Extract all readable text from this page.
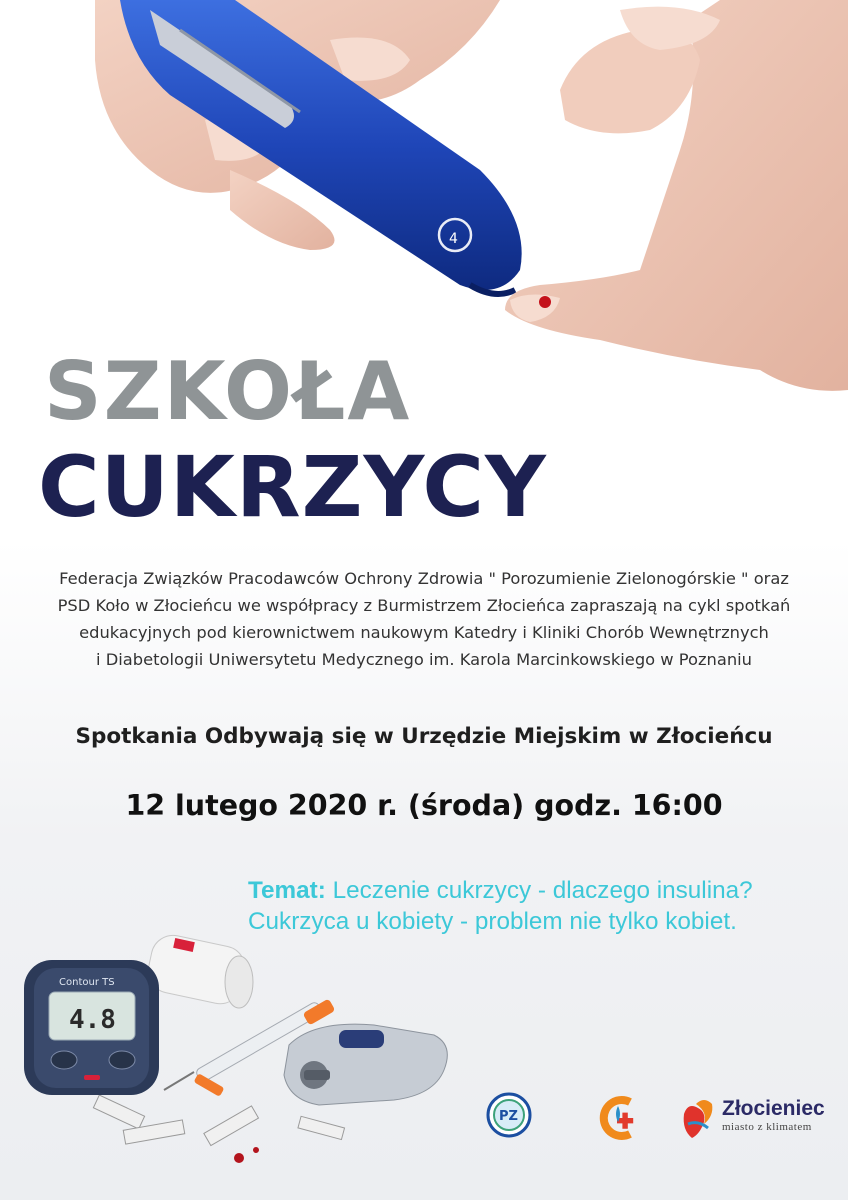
4
SZKOŁA
CUKRZYCY
Federacja Związków Pracodawców Ochrony Zdrowia " Porozumienie Zielonogórskie " oraz
PSD Koło w Złocieńcu we współpracy z Burmistrzem Złocieńca zapraszają na cykl spotkań
edukacyjnych pod kierownictwem naukowym Katedry i Kliniki Chorób Wewnętrznych
i Diabetologii Uniwersytetu Medycznego im. Karola Marcinkowskiego w Poznaniu
Spotkania Odbywają się w Urzędzie Miejskim w Złocieńcu
12 lutego 2020 r. (środa) godz. 16:00
Temat: Leczenie cukrzycy - dlaczego insulina?
Cukrzyca u kobiety - problem nie tylko kobiet.
Contour TS
4.8
PZ	Złocieniec
miasto z klimatem
